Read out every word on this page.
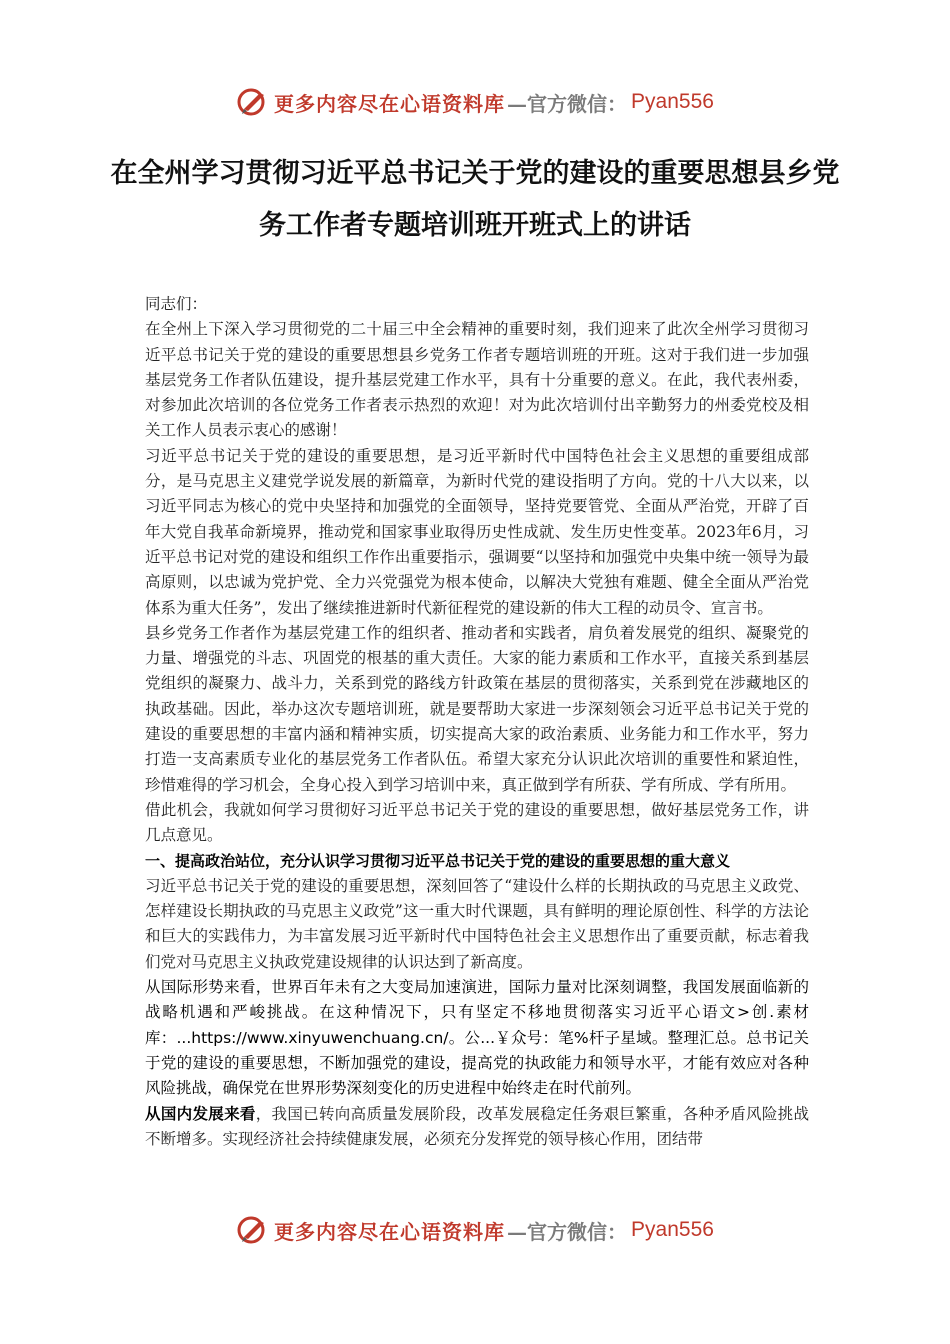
更多内容尽在心语资料库 —官方微信： Pyan556
在全州学习贯彻习近平总书记关于党的建设的重要思想县乡党务工作者专题培训班开班式上的讲话

同志们：

在全州上下深入学习贯彻党的二十届三中全会精神的重要时刻，我们迎来了此次全州学习贯彻习近平总书记关于党的建设的重要思想县乡党务工作者专题培训班的开班。这对于我们进一步加强基层党务工作者队伍建设，提升基层党建工作水平，具有十分重要的意义。在此，我代表州委，对参加此次培训的各位党务工作者表示热烈的欢迎！对为此次培训付出辛勤努力的州委党校及相关工作人员表示衷心的感谢！

习近平总书记关于党的建设的重要思想，是习近平新时代中国特色社会主义思想的重要组成部分，是马克思主义建党学说发展的新篇章，为新时代党的建设指明了方向。党的十八大以来，以习近平同志为核心的党中央坚持和加强党的全面领导，坚持党要管党、全面从严治党，开辟了百年大党自我革命新境界，推动党和国家事业取得历史性成就、发生历史性变革。2023年6月，习近平总书记对党的建设和组织工作作出重要指示，强调要“以坚持和加强党中央集中统一领导为最高原则，以忠诚为党护党、全力兴党强党为根本使命，以解决大党独有难题、健全全面从严治党体系为重大任务”，发出了继续推进新时代新征程党的建设新的伟大工程的动员令、宣言书。

县乡党务工作者作为基层党建工作的组织者、推动者和实践者，肩负着发展党的组织、凝聚党的力量、增强党的斗志、巩固党的根基的重大责任。大家的能力素质和工作水平，直接关系到基层党组织的凝聚力、战斗力，关系到党的路线方针政策在基层的贯彻落实，关系到党在涉藏地区的执政基础。因此，举办这次专题培训班，就是要帮助大家进一步深刻领会习近平总书记关于党的建设的重要思想的丰富内涵和精神实质，切实提高大家的政治素质、业务能力和工作水平，努力打造一支高素质专业化的基层党务工作者队伍。希望大家充分认识此次培训的重要性和紧迫性，珍惜难得的学习机会，全身心投入到学习培训中来，真正做到学有所获、学有所成、学有所用。

借此机会，我就如何学习贯彻好习近平总书记关于党的建设的重要思想，做好基层党务工作，讲几点意见。

一、提高政治站位，充分认识学习贯彻习近平总书记关于党的建设的重要思想的重大意义

习近平总书记关于党的建设的重要思想，深刻回答了“建设什么样的长期执政的马克思主义政党、怎样建设长期执政的马克思主义政党”这一重大时代课题，具有鲜明的理论原创性、科学的方法论和巨大的实践伟力，为丰富发展习近平新时代中国特色社会主义思想作出了重要贡献，标志着我们党对马克思主义执政党建设规律的认识达到了新高度。

从国际形势来看，世界百年未有之大变局加速演进，国际力量对比深刻调整，我国发展面临新的战略机遇和严峻挑战。在这种情况下，只有坚定不移地贯彻落实习近平心语文>创.素材库：...https://www.xinyuwenchuang.cn/。公...￥众号：笔%杆子星域。整理汇总。总书记关于党的建设的重要思想，不断加强党的建设，提高党的执政能力和领导水平，才能有效应对各种风险挑战，确保党在世界形势深刻变化的历史进程中始终走在时代前列。

从国内发展来看，我国已转向高质量发展阶段，改革发展稳定任务艰巨繁重，各种矛盾风险挑战不断增多。实现经济社会持续健康发展，必须充分发挥党的领导核心作用，团结带

更多内容尽在心语资料库 —官方微信： Pyan556
